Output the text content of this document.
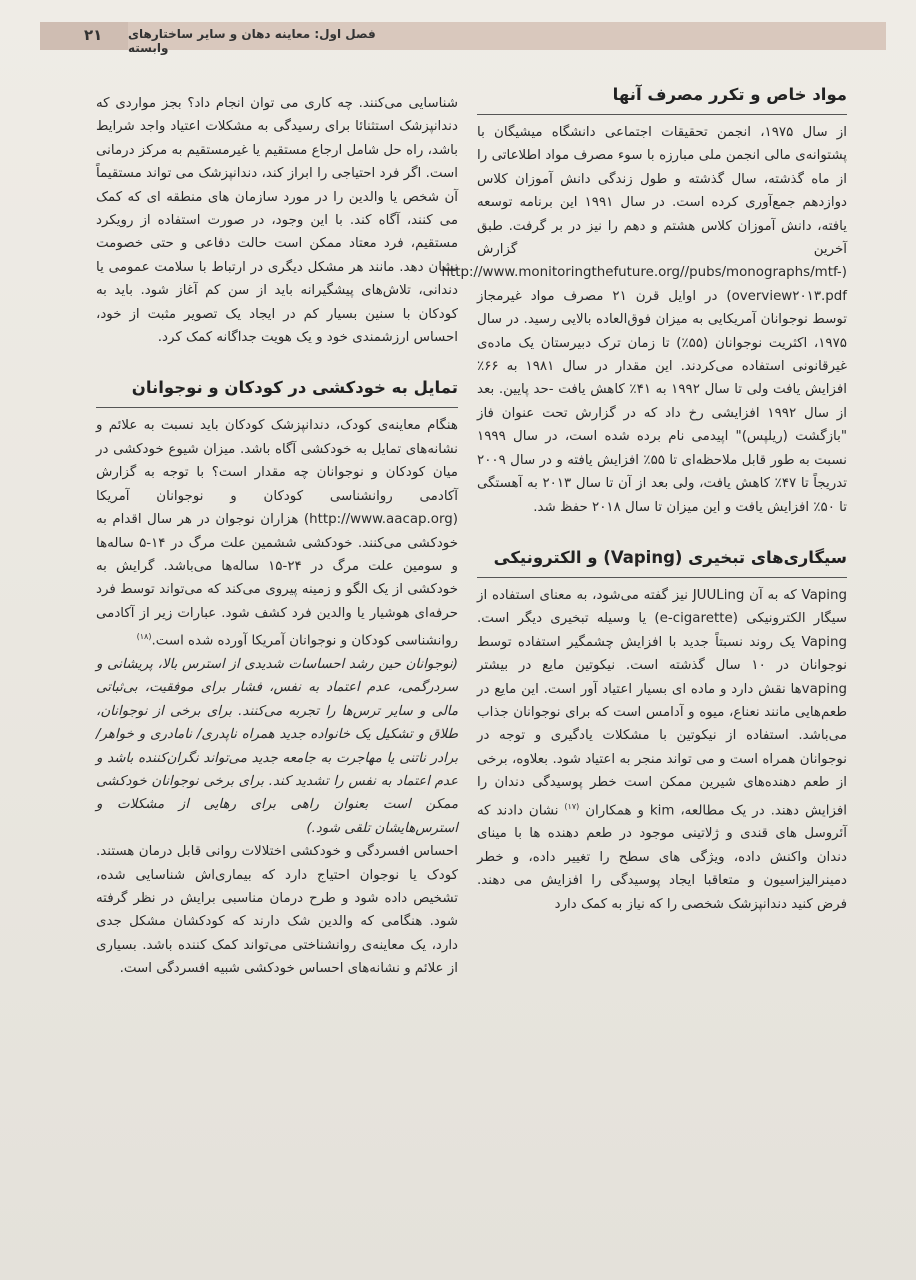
۲۱	فصل اول: معاینه دهان و سایر ساختارهای وابسته
مواد خاص و تکرر مصرف آنها

از سال ۱۹۷۵، انجمن تحقیقات اجتماعی دانشگاه میشیگان با پشتوانه‌ی مالی انجمن ملی مبارزه با سوء مصرف مواد اطلاعاتی را از ماه گذشته، سال گذشته و طول زندگی دانش آموزان کلاس دوازدهم جمع‌آوری کرده است. در سال ۱۹۹۱ این برنامه توسعه یافته، دانش آموزان کلاس هشتم و دهم را نیز در بر گرفت. طبق آخرین گزارش (http://www.monitoringthefuture.org//pubs/monographs/mtf-overview۲۰۱۳.pdf) در اوایل قرن ۲۱ مصرف مواد غیرمجاز توسط نوجوانان آمریکایی به میزان فوق‌العاده بالایی رسید. در سال ۱۹۷۵، اکثریت نوجوانان (۵۵٪) تا زمان ترک دبیرستان یک ماده‌ی غیرقانونی استفاده می‌کردند. این مقدار در سال ۱۹۸۱ به ۶۶٪ افزایش یافت ولی تا سال ۱۹۹۲ به ۴۱٪ کاهش یافت -حد پایین. بعد از سال ۱۹۹۲ افزایشی رخ داد که در گزارش تحت عنوان فاز "بازگشت (ریلپس)" اپیدمی نام برده شده است، در سال ۱۹۹۹ نسبت به طور قابل ملاحظه‌ای تا ۵۵٪ افزایش یافته و در سال ۲۰۰۹ تدریجاً تا ۴۷٪ کاهش یافت، ولی بعد از آن تا سال ۲۰۱۳ به آهستگی تا ۵۰٪ افزایش یافت و این میزان تا سال ۲۰۱۸ حفظ شد.

سیگاری‌های تبخیری (Vaping) و الکترونیکی

Vaping که به آن JUULing نیز گفته می‌شود، به معنای استفاده از سیگار الکترونیکی (e-cigarette) یا وسیله تبخیری دیگر است. Vaping یک روند نسبتاً جدید با افزایش چشمگیر استفاده توسط نوجوانان در ۱۰ سال گذشته است. نیکوتین مایع در بیشتر vapingها نقش دارد و ماده ای بسیار اعتیاد آور است. این مایع در طعم‌هایی مانند نعناع، میوه و آدامس است که برای نوجوانان جذاب می‌باشد. استفاده از نیکوتین با مشکلات یادگیری و توجه در نوجوانان همراه است و می تواند منجر به اعتیاد شود. بعلاوه، برخی از طعم دهنده‌های شیرین ممکن است خطر پوسیدگی دندان را افزایش دهند. در یک مطالعه، kim و همکاران $^{(۱۷)}$ نشان دادند که آئروسل های قندی و ژلاتینی موجود در طعم دهنده ها با مینای دندان واکنش داده، ویژگی های سطح را تغییر داده، و خطر دمینرالیزاسیون و متعاقبا ایجاد پوسیدگی را افزایش می دهند. فرض کنید دندانپزشک شخصی را که نیاز به کمک دارد

شناسایی می‌کنند. چه کاری می توان انجام داد؟ بجز مواردی که دندانپزشک استثنائا برای رسیدگی به مشکلات اعتیاد واجد شرایط باشد، راه حل شامل ارجاع مستقیم یا غیرمستقیم به مرکز درمانی است. اگر فرد احتیاجی را ابراز کند، دندانپزشک می تواند مستقیماً آن شخص یا والدین را در مورد سازمان های منطقه ای که کمک می کنند، آگاه کند. با این وجود، در صورت استفاده از رویکرد مستقیم، فرد معتاد ممکن است حالت دفاعی و حتی خصومت نشان دهد. مانند هر مشکل دیگری در ارتباط با سلامت عمومی یا دندانی، تلاش‌های پیشگیرانه باید از سن کم آغاز شود. باید به کودکان با سنین بسیار کم در ایجاد یک تصویر مثبت از خود، احساس ارزشمندی خود و یک هویت جداگانه کمک کرد.

تمایل به خودکشی در کودکان و نوجوانان

هنگام معاینه‌ی کودک، دندانپزشک کودکان باید نسبت به علائم و نشانه‌های تمایل به خودکشی آگاه باشد. میزان شیوع خودکشی در میان کودکان و نوجوانان چه مقدار است؟ با توجه به گزارش آکادمی روانشناسی کودکان و نوجوانان آمریکا (http://www.aacap.org) هزاران نوجوان در هر سال اقدام به خودکشی می‌کنند. خودکشی ششمین علت مرگ در ۱۴-۵ ساله‌ها و سومین علت مرگ در ۲۴-۱۵ ساله‌ها می‌باشد. گرایش به خودکشی از یک الگو و زمینه پیروی می‌کند که می‌تواند توسط فرد حرفه‌ای هوشیار یا والدین فرد کشف شود. عبارات زیر از آکادمی روانشناسی کودکان و نوجوانان آمریکا آورده شده است.$^{(۱۸)}$

(نوجوانان حین رشد احساسات شدیدی از استرس بالا، پریشانی و سردرگمی، عدم اعتماد به نفس، فشار برای موفقیت، بی‌ثباتی مالی و سایر ترس‌ها را تجربه می‌کنند. برای برخی از نوجوانان، طلاق و تشکیل یک خانواده جدید همراه ناپدری/ نامادری و خواهر/برادر ناتنی یا مهاجرت به جامعه جدید می‌تواند نگران‌کننده باشد و عدم اعتماد به نفس را تشدید کند. برای برخی نوجوانان خودکشی ممکن است بعنوان راهی برای رهایی از مشکلات و استرس‌هایشان تلقی شود.)

احساس افسردگی و خودکشی اختلالات روانی قابل درمان هستند. کودک یا نوجوان احتیاج دارد که بیماری‌اش شناسایی شده، تشخیص داده شود و طرح درمان مناسبی برایش در نظر گرفته شود. هنگامی که والدین شک دارند که کودکشان مشکل جدی دارد، یک معاینه‌ی روانشناختی می‌تواند کمک کننده باشد. بسیاری از علائم و نشانه‌های احساس خودکشی شبیه افسردگی است.
